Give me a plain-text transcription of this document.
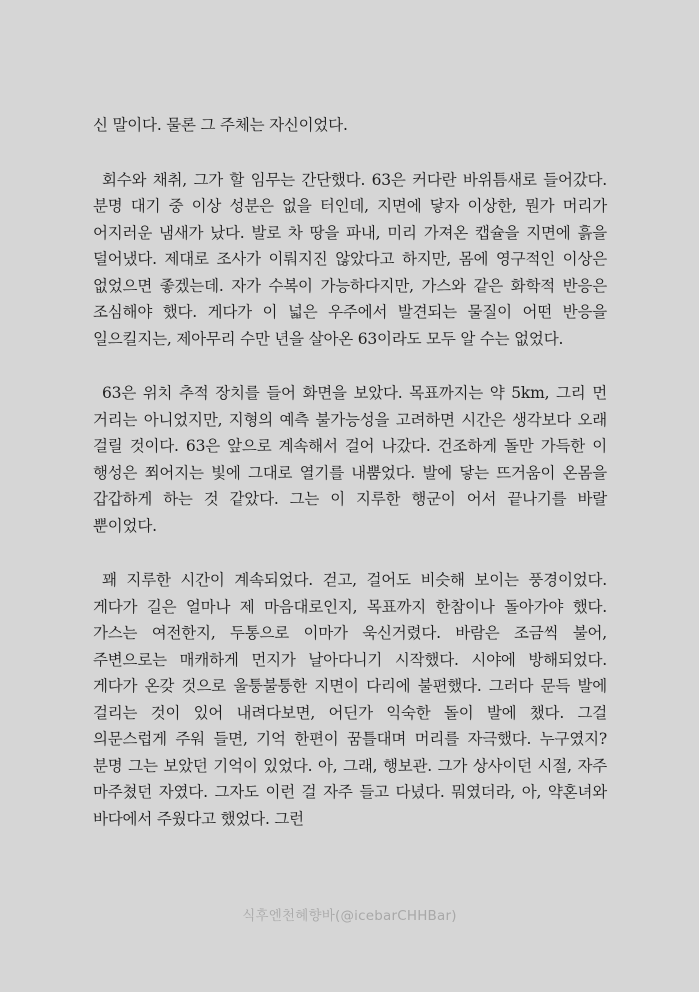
신 말이다. 물론 그 주체는 자신이었다.

회수와 채취, 그가 할 임무는 간단했다. 63은 커다란 바위틈새로 들어갔다. 분명 대기 중 이상 성분은 없을 터인데, 지면에 닿자 이상한, 뭔가 머리가 어지러운 냄새가 났다. 발로 차 땅을 파내, 미리 가져온 캡슐을 지면에 흙을 덜어냈다. 제대로 조사가 이뤄지진 않았다고 하지만, 몸에 영구적인 이상은 없었으면 좋겠는데. 자가 수복이 가능하다지만, 가스와 같은 화학적 반응은 조심해야 했다. 게다가 이 넓은 우주에서 발견되는 물질이 어떤 반응을 일으킬지는, 제아무리 수만 년을 살아온 63이라도 모두 알 수는 없었다.

63은 위치 추적 장치를 들어 화면을 보았다. 목표까지는 약 5km, 그리 먼 거리는 아니었지만, 지형의 예측 불가능성을 고려하면 시간은 생각보다 오래 걸릴 것이다. 63은 앞으로 계속해서 걸어 나갔다. 건조하게 돌만 가득한 이 행성은 쬐어지는 빛에 그대로 열기를 내뿜었다. 발에 닿는 뜨거움이 온몸을 갑갑하게 하는 것 같았다. 그는 이 지루한 행군이 어서 끝나기를 바랄 뿐이었다.

꽤 지루한 시간이 계속되었다. 걷고, 걸어도 비슷해 보이는 풍경이었다. 게다가 길은 얼마나 제 마음대로인지, 목표까지 한참이나 돌아가야 했다. 가스는 여전한지, 두통으로 이마가 욱신거렸다. 바람은 조금씩 불어, 주변으로는 매캐하게 먼지가 날아다니기 시작했다. 시야에 방해되었다. 게다가 온갖 것으로 울퉁불퉁한 지면이 다리에 불편했다. 그러다 문득 발에 걸리는 것이 있어 내려다보면, 어딘가 익숙한 돌이 발에 챘다. 그걸 의문스럽게 주워 들면, 기억 한편이 꿈틀대며 머리를 자극했다. 누구였지? 분명 그는 보았던 기억이 있었다. 아, 그래, 행보관. 그가 상사이던 시절, 자주 마주쳤던 자였다. 그자도 이런 걸 자주 들고 다녔다. 뭐였더라, 아, 약혼녀와 바다에서 주웠다고 했었다. 그런

식후엔천혜향바(@icebarCHHBar)
